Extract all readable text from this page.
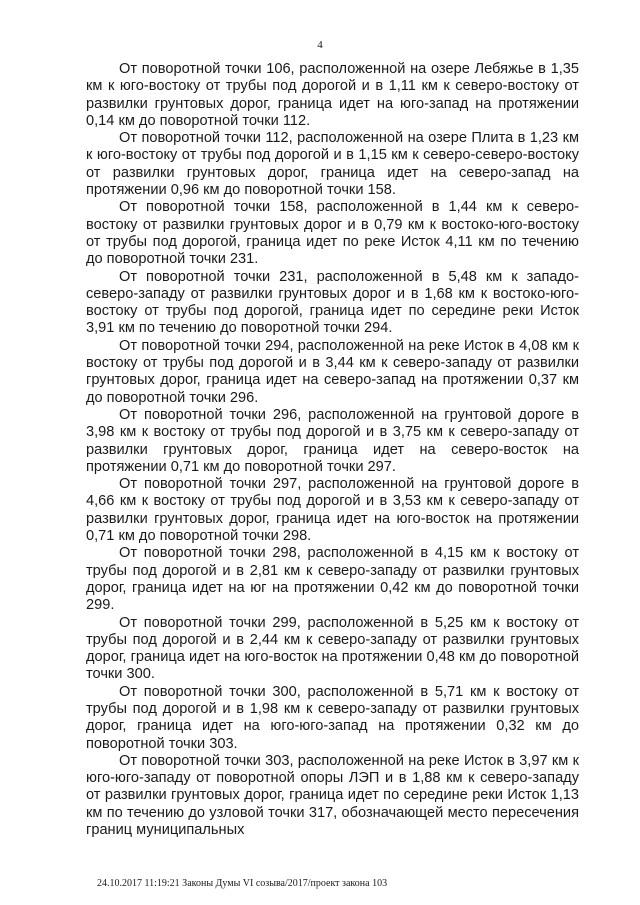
4

От поворотной точки 106, расположенной на озере Лебяжье в 1,35 км к юго-востоку от трубы под дорогой и в 1,11 км к северо-востоку от развилки грунтовых дорог, граница идет на юго-запад на протяжении 0,14 км до поворотной точки 112.

От поворотной точки 112, расположенной на озере Плита в 1,23 км к юго-востоку от трубы под дорогой и в 1,15 км к северо-северо-востоку от развилки грунтовых дорог, граница идет на северо-запад на протяжении 0,96 км до поворотной точки 158.

От поворотной точки 158, расположенной в 1,44 км к северо-востоку от развилки грунтовых дорог и в 0,79 км к востоко-юго-востоку от трубы под дорогой, граница идет по реке Исток 4,11 км по течению до поворотной точки 231.

От поворотной точки 231, расположенной в 5,48 км к западо-северо-западу от развилки грунтовых дорог и в 1,68 км к востоко-юго-востоку от трубы под дорогой, граница идет по середине реки Исток 3,91 км по течению до поворотной точки 294.

От поворотной точки 294, расположенной на реке Исток в 4,08 км к востоку от трубы под дорогой и в 3,44 км к северо-западу от развилки грунтовых дорог, граница идет на северо-запад на протяжении 0,37 км до поворотной точки 296.

От поворотной точки 296, расположенной на грунтовой дороге в 3,98 км к востоку от трубы под дорогой и в 3,75 км к северо-западу от развилки грунтовых дорог, граница идет на северо-восток на протяжении 0,71 км до поворотной точки 297.

От поворотной точки 297, расположенной на грунтовой дороге в 4,66 км к востоку от трубы под дорогой и в 3,53 км к северо-западу от развилки грунтовых дорог, граница идет на юго-восток на протяжении 0,71 км до поворотной точки 298.

От поворотной точки 298, расположенной в 4,15 км к востоку от трубы под дорогой и в 2,81 км к северо-западу от развилки грунтовых дорог, граница идет на юг на протяжении 0,42 км до поворотной точки 299.

От поворотной точки 299, расположенной в 5,25 км к востоку от трубы под дорогой и в 2,44 км к северо-западу от развилки грунтовых дорог, граница идет на юго-восток на протяжении 0,48 км до поворотной точки 300.

От поворотной точки 300, расположенной в 5,71 км к востоку от трубы под дорогой и в 1,98 км к северо-западу от развилки грунтовых дорог, граница идет на юго-юго-запад на протяжении 0,32 км до поворотной точки 303.

От поворотной точки 303, расположенной на реке Исток в 3,97 км к юго-юго-западу от поворотной опоры ЛЭП и в 1,88 км к северо-западу от развилки грунтовых дорог, граница идет по середине реки Исток 1,13 км по течению до узловой точки 317, обозначающей место пересечения границ муниципальных

24.10.2017 11:19:21 Законы Думы VI созыва/2017/проект закона 103
